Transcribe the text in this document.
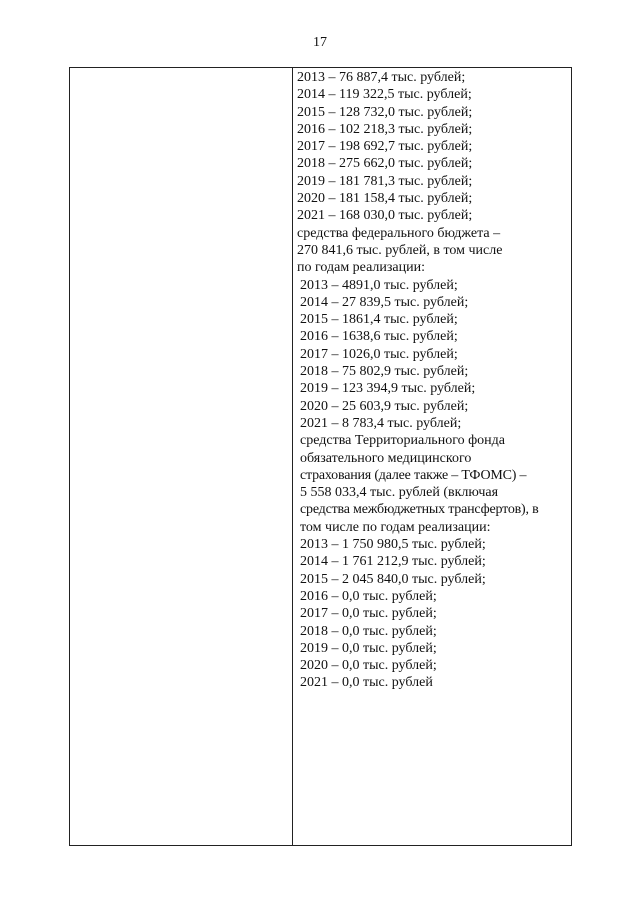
17
2013 – 76 887,4 тыс. рублей;
2014 – 119 322,5 тыс. рублей;
2015 – 128 732,0 тыс. рублей;
2016 – 102 218,3 тыс. рублей;
2017 – 198 692,7 тыс. рублей;
2018 – 275 662,0 тыс. рублей;
2019 – 181 781,3 тыс. рублей;
2020 – 181 158,4 тыс. рублей;
2021 – 168 030,0 тыс. рублей;
средства федерального бюджета –
270 841,6 тыс. рублей, в том числе
по годам реализации:
2013 – 4891,0 тыс. рублей;
2014 – 27 839,5 тыс. рублей;
2015 – 1861,4 тыс. рублей;
2016 – 1638,6 тыс. рублей;
2017 – 1026,0 тыс. рублей;
2018 – 75 802,9 тыс. рублей;
2019 – 123 394,9 тыс. рублей;
2020 – 25 603,9 тыс. рублей;
2021 – 8 783,4 тыс. рублей;
средства Территориального фонда
обязательного медицинского
страхования (далее также – ТФОМС) –
5 558 033,4 тыс. рублей (включая
средства межбюджетных трансфертов), в
том числе по годам реализации:
2013 – 1 750 980,5 тыс. рублей;
2014 – 1 761 212,9 тыс. рублей;
2015 – 2 045 840,0 тыс. рублей;
2016 – 0,0 тыс. рублей;
2017 – 0,0 тыс. рублей;
2018 – 0,0 тыс. рублей;
2019 – 0,0 тыс. рублей;
2020 – 0,0 тыс. рублей;
2021 – 0,0 тыс. рублей
